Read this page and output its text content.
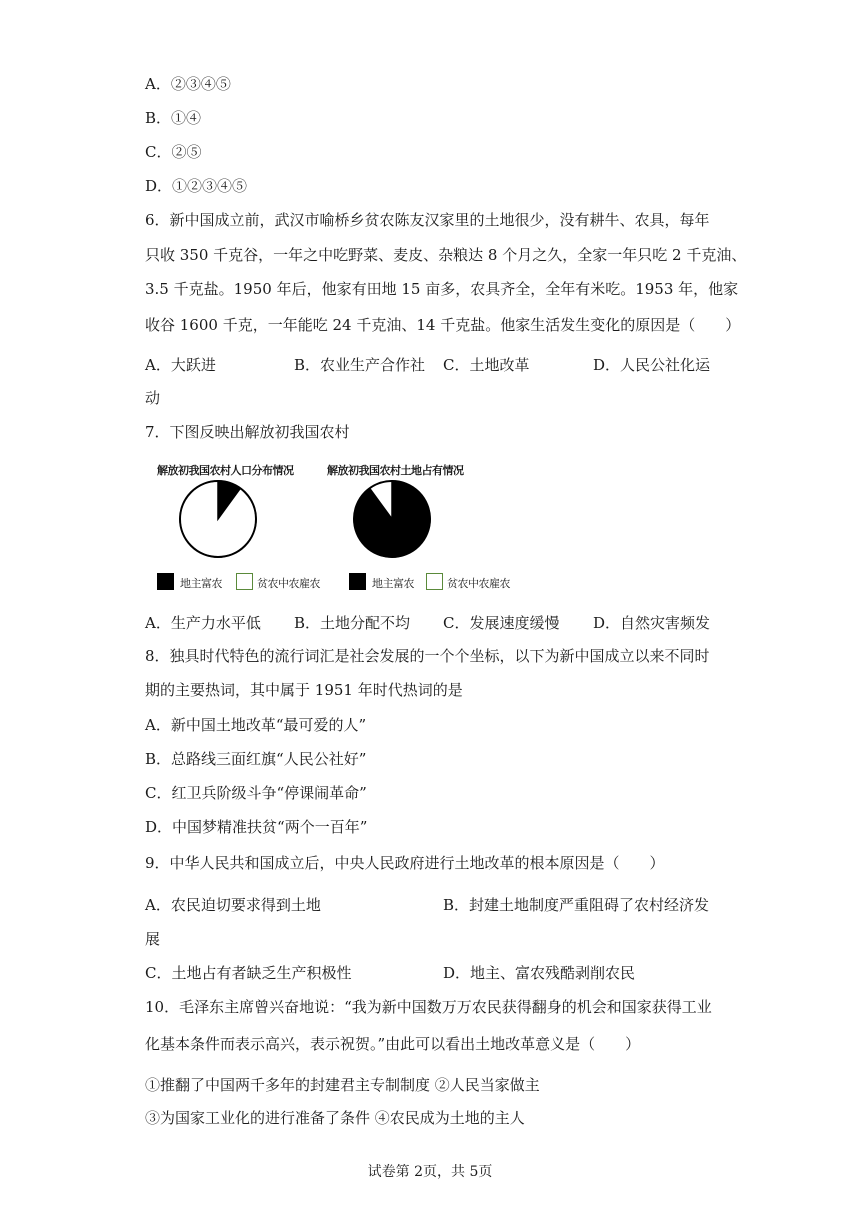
A．②③④⑤
B．①④
C．②⑤
D．①②③④⑤
6．新中国成立前，武汉市喻桥乡贫农陈友汉家里的土地很少，没有耕牛、农具，每年
只收 350 千克谷，一年之中吃野菜、麦皮、杂粮达 8 个月之久，全家一年只吃 2 千克油、
3.5 千克盐。1950 年后，他家有田地 15 亩多，农具齐全，全年有米吃。1953 年，他家
收谷 1600 千克，一年能吃 24 千克油、14 千克盐。他家生活发生变化的原因是（　　）
A．大跃进	B．农业生产合作社 C．土地改革	D．人民公社化运
动
7．下图反映出解放初我国农村
解放初我国农村人口分布情况	解放初我国农村土地占有情况
地主富农	贫农中农雇农	地主富农	贫农中农雇农
A．生产力水平低 B．土地分配不均 C．发展速度缓慢 D．自然灾害频发
8．独具时代特色的流行词汇是社会发展的一个个坐标，以下为新中国成立以来不同时
期的主要热词，其中属于 1951 年时代热词的是
A．新中国土地改革“最可爱的人”
B．总路线三面红旗“人民公社好”
C．红卫兵阶级斗争“停课闹革命”
D．中国梦精准扶贫“两个一百年”
9．中华人民共和国成立后，中央人民政府进行土地改革的根本原因是（　　）
A．农民迫切要求得到土地	B．封建土地制度严重阻碍了农村经济发
展
C．土地占有者缺乏生产积极性	D．地主、富农残酷剥削农民
10．毛泽东主席曾兴奋地说：“我为新中国数万万农民获得翻身的机会和国家获得工业
化基本条件而表示高兴，表示祝贺。”由此可以看出土地改革意义是（　　）
①推翻了中国两千多年的封建君主专制制度 ②人民当家做主
③为国家工业化的进行准备了条件 ④农民成为土地的主人
试卷第 2页，共 5页
